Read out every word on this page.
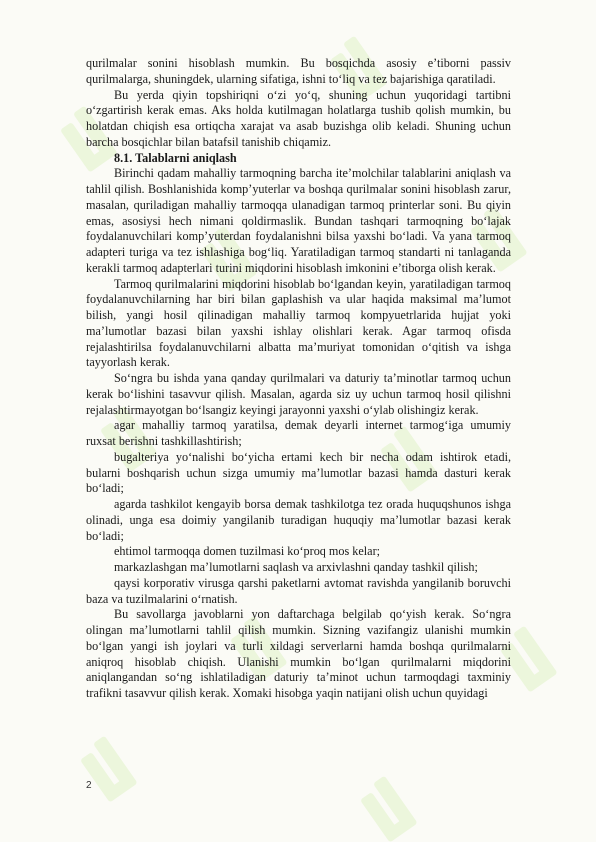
qurilmalar sonini hisoblash mumkin. Bu bosqichda asosiy e’tiborni passiv qurilmalarga, shuningdek, ularning sifatiga, ishni to‘liq va tez bajarishiga qaratiladi.

Bu yerda qiyin topshiriqni o‘zi yo‘q, shuning uchun yuqoridagi tartibni o‘zgartirish kerak emas. Aks holda kutilmagan holatlarga tushib qolish mumkin, bu holatdan chiqish esa ortiqcha xarajat va asab buzishga olib keladi. Shuning uchun barcha bosqichlar bilan batafsil tanishib chiqamiz.

8.1. Talablarni aniqlash

Birinchi qadam mahalliy tarmoqning barcha ite’molchilar talablarini aniqlash va tahlil qilish. Boshlanishida komp’yuterlar va boshqa qurilmalar sonini hisoblash zarur, masalan, quriladigan mahalliy tarmoqqa ulanadigan tarmoq printerlar soni. Bu qiyin emas, asosiysi hech nimani qoldirmaslik. Bundan tashqari tarmoqning bo‘lajak foydalanuvchilari komp’yuterdan foydalanishni bilsa yaxshi bo‘ladi. Va yana tarmoq adapteri turiga va tez ishlashiga bog‘liq. Yaratiladigan tarmoq standarti ni tanlaganda kerakli tarmoq adapterlari turini miqdorini hisoblash imkonini e’tiborga olish kerak.

Tarmoq qurilmalarini miqdorini hisoblab bo‘lgandan keyin, yaratiladigan tarmoq foydalanuvchilarning har biri bilan gaplashish va ular haqida maksimal ma’lumot bilish, yangi hosil qilinadigan mahalliy tarmoq kompyuetrlarida hujjat yoki ma’lumotlar bazasi bilan yaxshi ishlay olishlari kerak. Agar tarmoq ofisda rejalashtirilsa foydalanuvchilarni albatta ma’muriyat tomonidan o‘qitish va ishga tayyorlash kerak.

So‘ngra bu ishda yana qanday qurilmalari va daturiy ta’minotlar tarmoq uchun kerak bo‘lishini tasavvur qilish. Masalan, agarda siz uy uchun tarmoq hosil qilishni rejalashtirmayotgan bo‘lsangiz keyingi jarayonni yaxshi o‘ylab olishingiz kerak.

agar mahalliy tarmoq yaratilsa, demak deyarli internet tarmog‘iga umumiy ruxsat berishni tashkillashtirish;

bugalteriya yo‘nalishi bo‘yicha ertami kech bir necha odam ishtirok etadi, bularni boshqarish uchun sizga umumiy ma’lumotlar bazasi hamda dasturi kerak bo‘ladi;

agarda tashkilot kengayib borsa demak tashkilotga tez orada huquqshunos ishga olinadi, unga esa doimiy yangilanib turadigan huquqiy ma’lumotlar bazasi kerak bo‘ladi;

ehtimol tarmoqqa domen tuzilmasi ko‘proq mos kelar;

markazlashgan ma’lumotlarni saqlash va arxivlashni qanday tashkil qilish;

qaysi korporativ virusga qarshi paketlarni avtomat ravishda yangilanib boruvchi baza va tuzilmalarini o‘rnatish.

Bu savollarga javoblarni yon daftarchaga belgilab qo‘yish kerak. So‘ngra olingan ma’lumotlarni tahlil qilish mumkin. Sizning vazifangiz ulanishi mumkin bo‘lgan yangi ish joylari va turli xildagi serverlarni hamda boshqa qurilmalarni aniqroq hisoblab chiqish. Ulanishi mumkin bo‘lgan qurilmalarni miqdorini aniqlangandan so‘ng ishlatiladigan daturiy ta’minot uchun tarmoqdagi taxminiy trafikni tasavvur qilish kerak. Xomaki hisobga yaqin natijani olish uchun quyidagi

2
